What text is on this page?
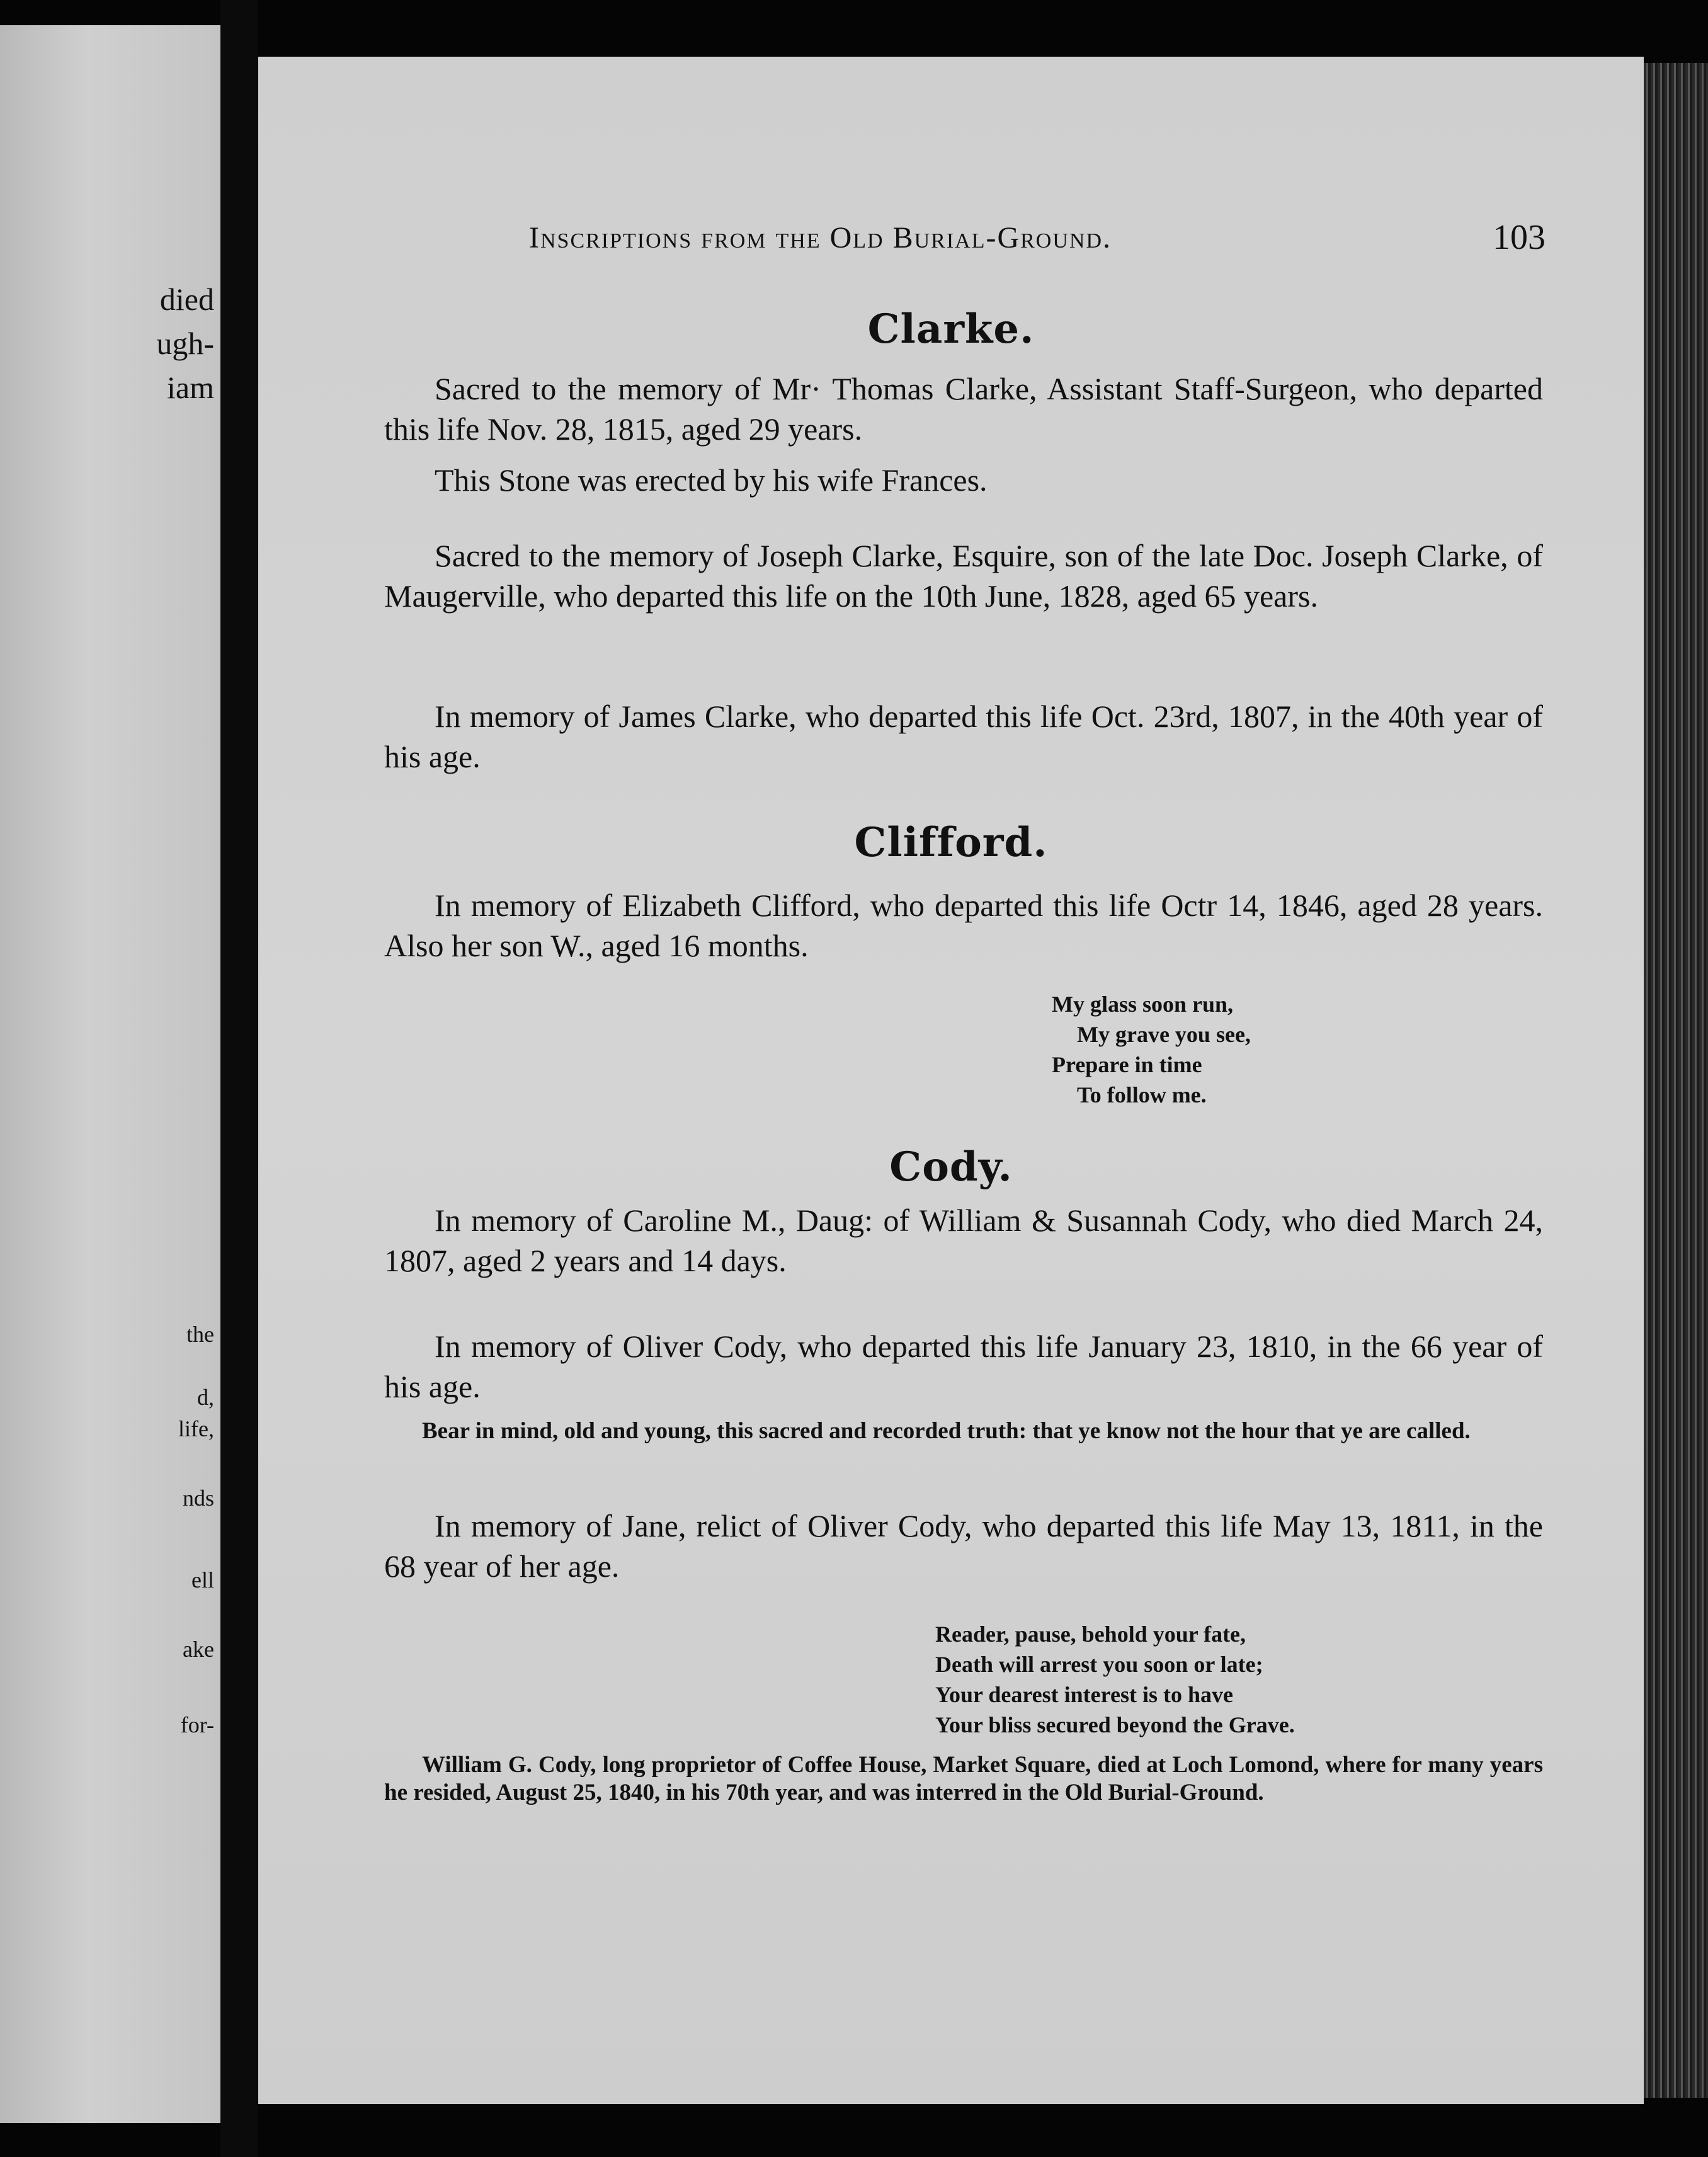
died
ugh-
iam
the
d,
life,
nds
ell
ake
for-
Inscriptions from the Old Burial-Ground.	103
Clarke.
Sacred to the memory of Mr· Thomas Clarke, Assistant Staff-Surgeon, who departed this life Nov. 28, 1815, aged 29 years.
This Stone was erected by his wife Frances.
Sacred to the memory of Joseph Clarke, Esquire, son of the late Doc. Joseph Clarke, of Maugerville, who departed this life on the 10th June, 1828, aged 65 years.
In memory of James Clarke, who departed this life Oct. 23rd, 1807, in the 40th year of his age.
Clifford.
In memory of Elizabeth Clifford, who departed this life Octr 14, 1846, aged 28 years. Also her son W., aged 16 months.
My glass soon run,
My grave you see,
Prepare in time
To follow me.
Cody.
In memory of Caroline M., Daug: of William & Susannah Cody, who died March 24, 1807, aged 2 years and 14 days.
In memory of Oliver Cody, who departed this life January 23, 1810, in the 66 year of his age.
Bear in mind, old and young, this sacred and recorded truth: that ye know not the hour that ye are called.
In memory of Jane, relict of Oliver Cody, who departed this life May 13, 1811, in the 68 year of her age.
Reader, pause, behold your fate,
Death will arrest you soon or late;
Your dearest interest is to have
Your bliss secured beyond the Grave.
William G. Cody, long proprietor of Coffee House, Market Square, died at Loch Lomond, where for many years he resided, August 25, 1840, in his 70th year, and was interred in the Old Burial-Ground.
